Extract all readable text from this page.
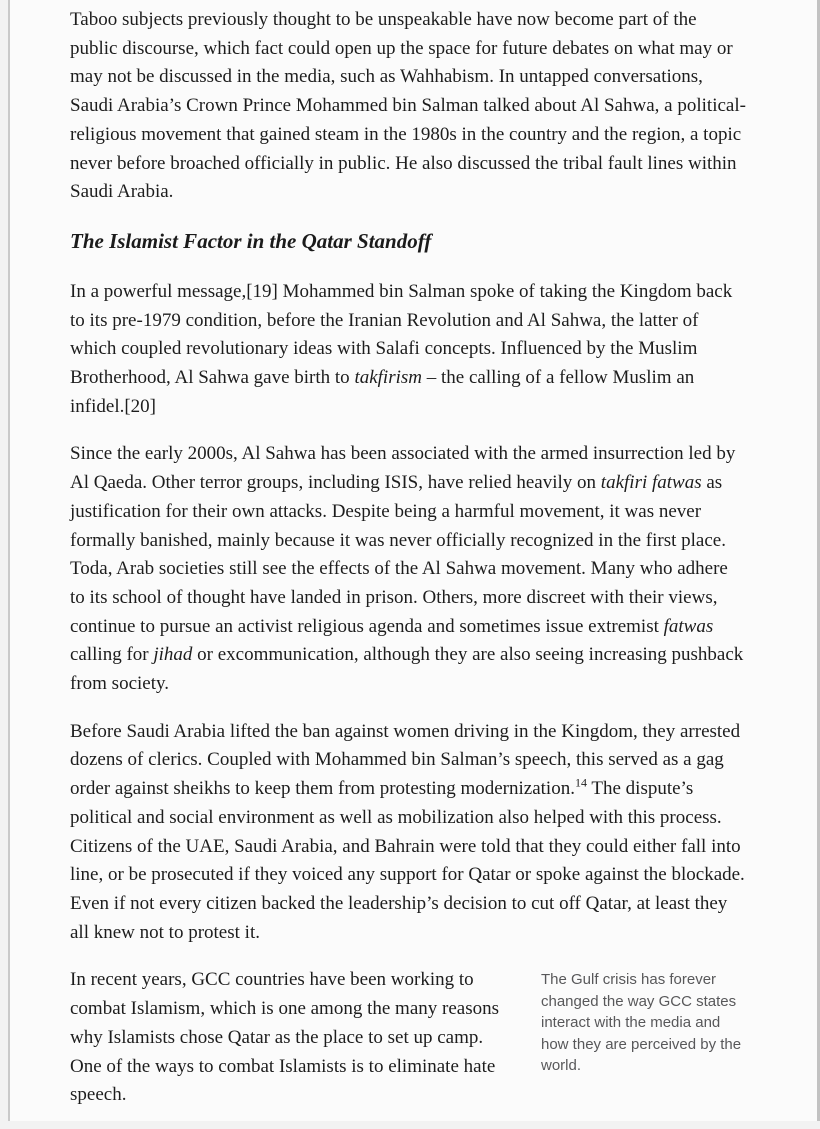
Taboo subjects previously thought to be unspeakable have now become part of the public discourse, which fact could open up the space for future debates on what may or may not be discussed in the media, such as Wahhabism. In untapped conversations, Saudi Arabia’s Crown Prince Mohammed bin Salman talked about Al Sahwa, a political-religious movement that gained steam in the 1980s in the country and the region, a topic never before broached officially in public. He also discussed the tribal fault lines within Saudi Arabia.

The Islamist Factor in the Qatar Standoff

In a powerful message,[19] Mohammed bin Salman spoke of taking the Kingdom back to its pre-1979 condition, before the Iranian Revolution and Al Sahwa, the latter of which coupled revolutionary ideas with Salafi concepts. Influenced by the Muslim Brotherhood, Al Sahwa gave birth to takfirism – the calling of a fellow Muslim an infidel.[20]

Since the early 2000s, Al Sahwa has been associated with the armed insurrection led by Al Qaeda. Other terror groups, including ISIS, have relied heavily on takfiri fatwas as justification for their own attacks. Despite being a harmful movement, it was never formally banished, mainly because it was never officially recognized in the first place. Toda, Arab societies still see the effects of the Al Sahwa movement. Many who adhere to its school of thought have landed in prison. Others, more discreet with their views, continue to pursue an activist religious agenda and sometimes issue extremist fatwas calling for jihad or excommunication, although they are also seeing increasing pushback from society.

Before Saudi Arabia lifted the ban against women driving in the Kingdom, they arrested dozens of clerics. Coupled with Mohammed bin Salman’s speech, this served as a gag order against sheikhs to keep them from protesting modernization.$^{14}$ The dispute’s political and social environment as well as mobilization also helped with this process. Citizens of the UAE, Saudi Arabia, and Bahrain were told that they could either fall into line, or be prosecuted if they voiced any support for Qatar or spoke against the blockade. Even if not every citizen backed the leadership’s decision to cut off Qatar, at least they all knew not to protest it.

The Gulf crisis has forever changed the way GCC states interact with the media and how they are perceived by the world.

In recent years, GCC countries have been working to combat Islamism, which is one among the many reasons why Islamists chose Qatar as the place to set up camp. One of the ways to combat Islamists is to eliminate hate speech.
